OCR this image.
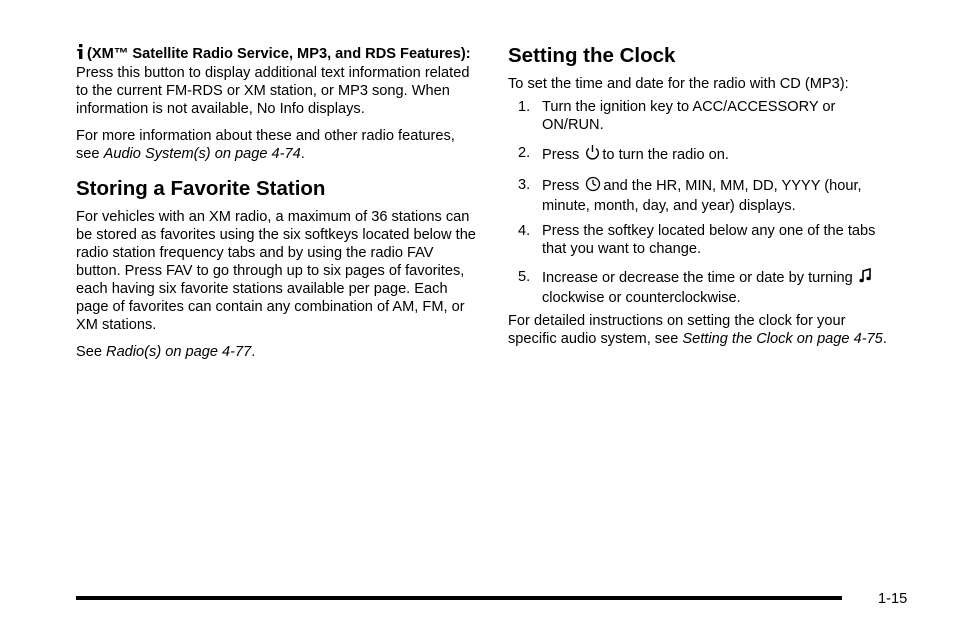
(XM™ Satellite Radio Service, MP3, and RDS Features): Press this button to display additional text information related to the current FM-RDS or XM station, or MP3 song. When information is not available, No Info displays.

For more information about these and other radio features, see Audio System(s) on page 4-74.

Storing a Favorite Station

For vehicles with an XM radio, a maximum of 36 stations can be stored as favorites using the six softkeys located below the radio station frequency tabs and by using the radio FAV button. Press FAV to go through up to six pages of favorites, each having six favorite stations available per page. Each page of favorites can contain any combination of AM, FM, or XM stations.

See Radio(s) on page 4-77.

Setting the Clock

To set the time and date for the radio with CD (MP3):

1. Turn the ignition key to ACC/ACCESSORY or ON/RUN.
2. Press to turn the radio on.
3. Press and the HR, MIN, MM, DD, YYYY (hour, minute, month, day, and year) displays.
4. Press the softkey located below any one of the tabs that you want to change.
5. Increase or decrease the time or date by turning
clockwise or counterclockwise.

For detailed instructions on setting the clock for your specific audio system, see Setting the Clock on page 4-75.

1-15
